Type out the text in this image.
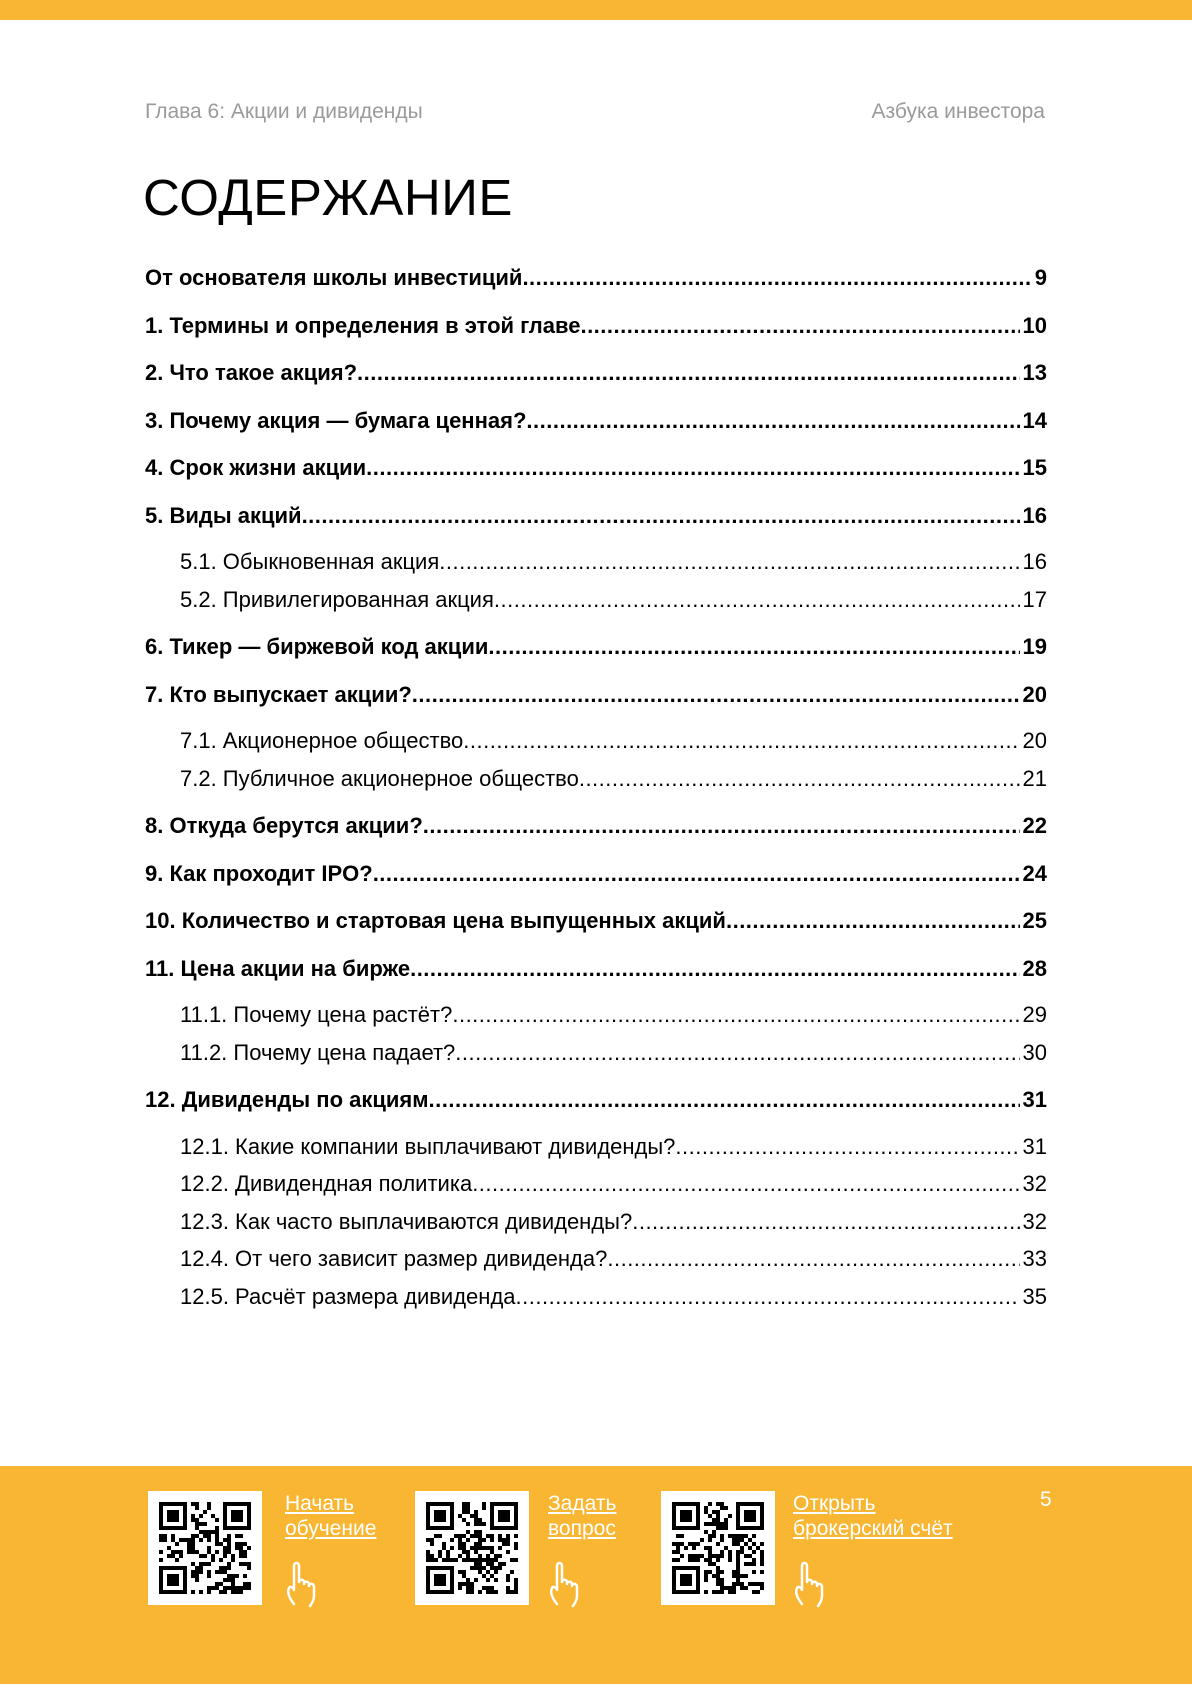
Глава 6: Акции и дивиденды	Азбука инвестора
СОДЕРЖАНИЕ
От основателя школы инвестиций .....	9
1. Термины и определения в этой главе .....	10
2. Что такое акция? .....	13
3. Почему акция — бумага ценная? .....	14
4. Срок жизни акции .....	15
5. Виды акций .....	16
5.1. Обыкновенная акция .....	16
5.2. Привилегированная акция .....	17
6. Тикер — биржевой код акции .....	19
7. Кто выпускает акции? .....	20
7.1. Акционерное общество .....	20
7.2. Публичное акционерное общество .....	21
8. Откуда берутся акции? .....	22
9. Как проходит IPO? .....	24
10. Количество и стартовая цена выпущенных акций .....	25
11. Цена акции на бирже .....	28
11.1. Почему цена растёт? .....	29
11.2. Почему цена падает? .....	30
12. Дивиденды по акциям .....	31
12.1. Какие компании выплачивают дивиденды? .....	31
12.2. Дивидендная политика .....	32
12.3. Как часто выплачиваются дивиденды? .....	32
12.4. От чего зависит размер дивиденда? .....	33
12.5. Расчёт размера дивиденда .....	35
Начать
обучение
Задать
вопрос
Открыть
брокерский счёт
5
